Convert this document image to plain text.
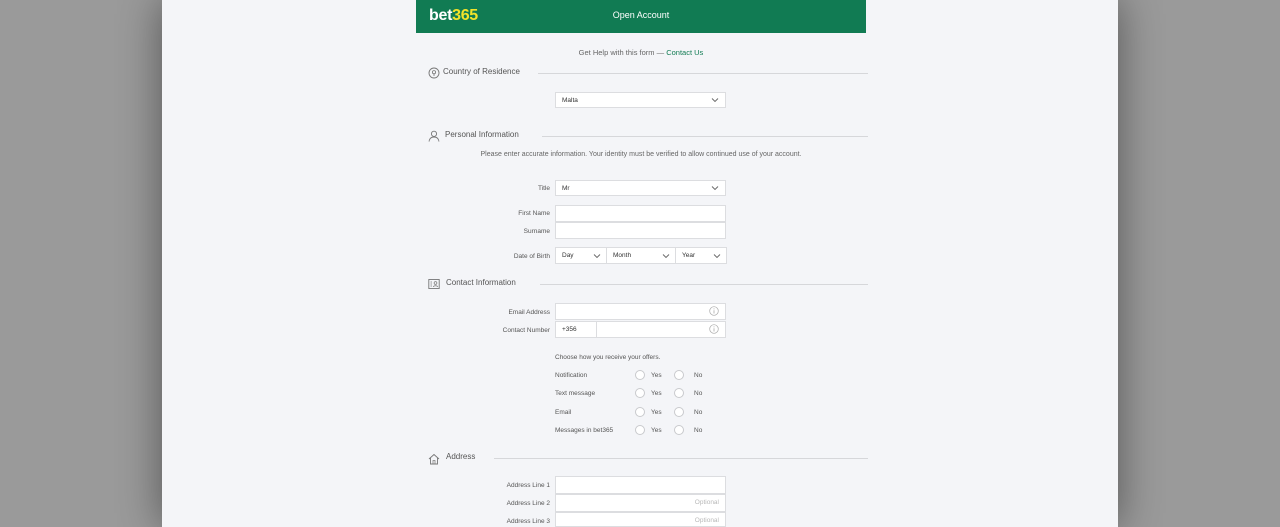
bet365	Open Account
Get Help with this form — Contact Us
Country of Residence
Malta
Personal Information
Please enter accurate information. Your identity must be verified to allow continued use of your account.
Title Mr
First Name
Surname
Date of Birth Day	Month	Year
Contact Information
Email Address
Contact Number +356
Choose how you receive your offers.
Notification	Yes	No
Text message	Yes	No
Email	Yes	No
Messages in bet365	Yes	No
Address
Address Line 1
Address Line 2	Optional
Address Line 3	Optional
